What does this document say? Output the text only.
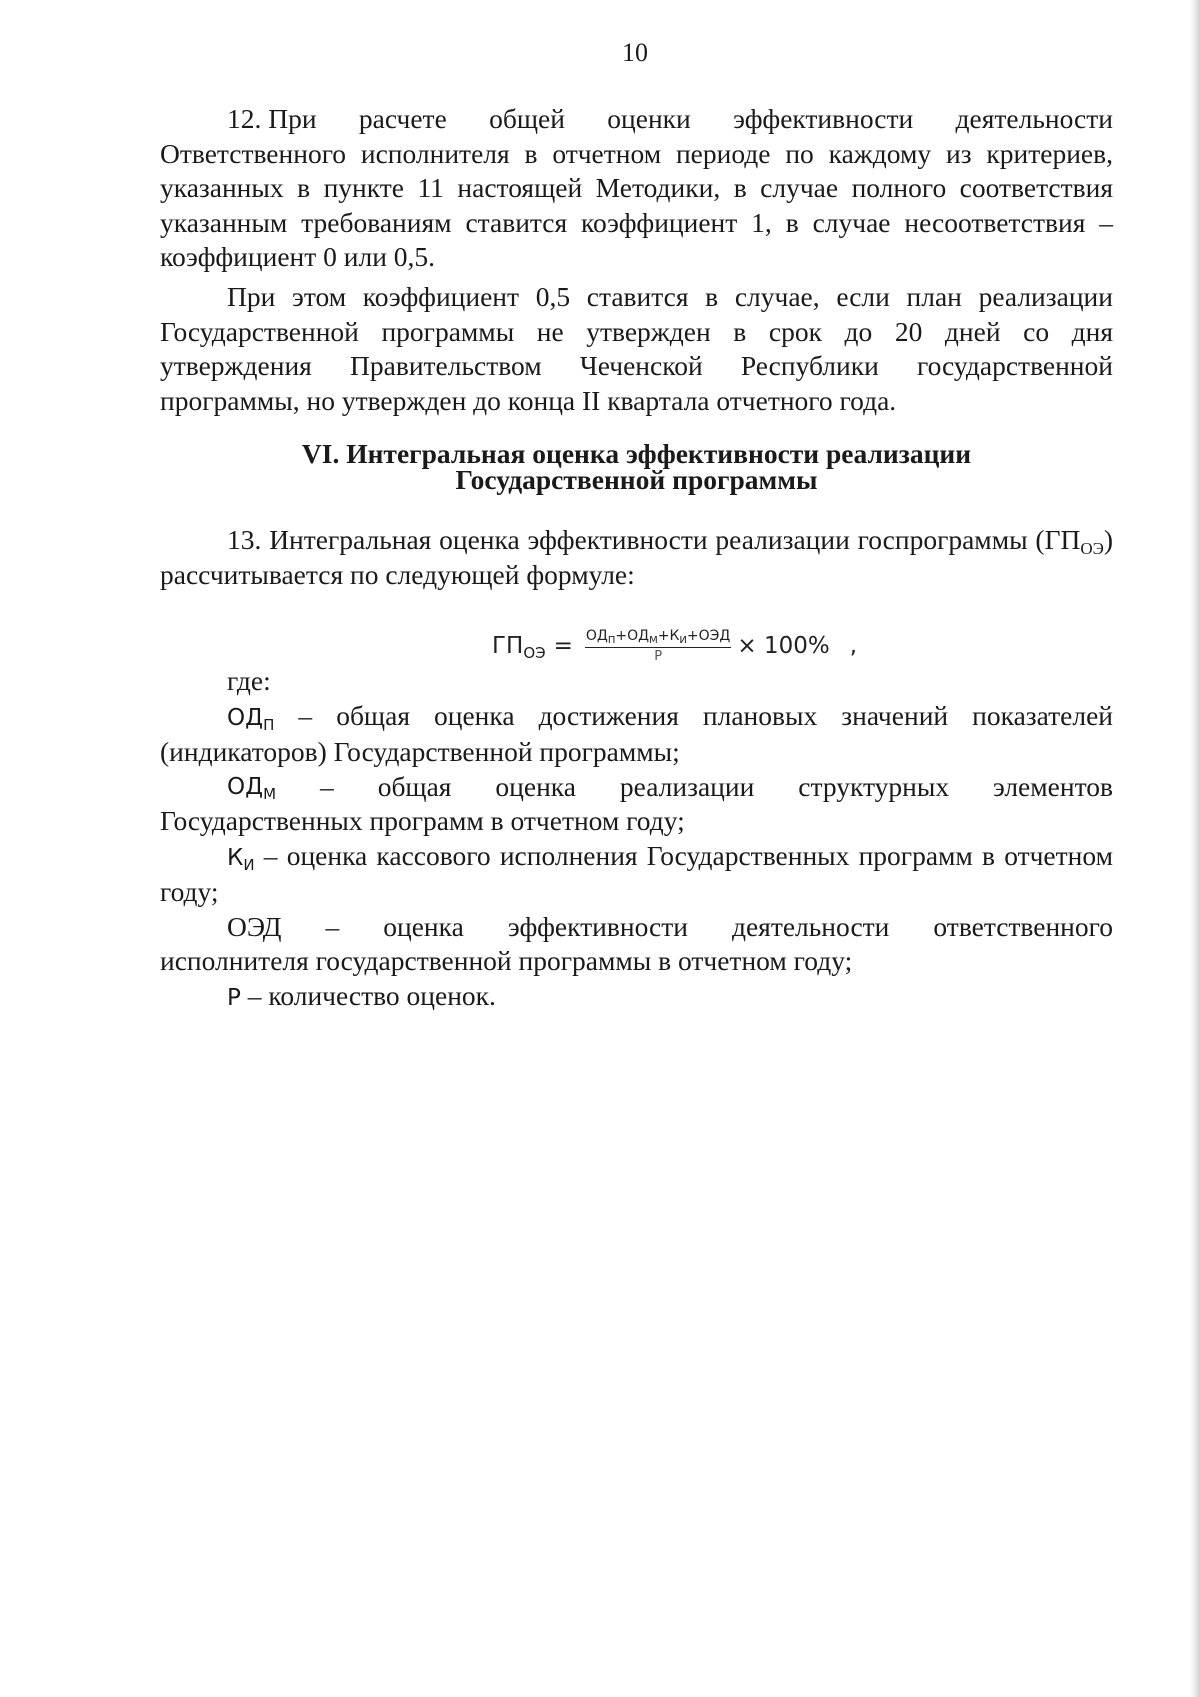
10
12. При расчете общей оценки эффективности деятельности

Ответственного исполнителя в отчетном периоде по каждому из критериев, указанных в пункте 11 настоящей Методики, в случае полного соответствия указанным требованиям ставится коэффициент 1, в случае несоответствия – коэффициент 0 или 0,5.

При этом коэффициент 0,5 ставится в случае, если план реализации Государственной программы не утвержден в срок до 20 дней со дня утверждения Правительством Чеченской Республики государственной программы, но утвержден до конца II квартала отчетного года.

VI. Интегральная оценка эффективности реализации
Государственной программы

13. Интегральная оценка эффективности реализации госпрограммы $(ГП_{ОЭ})$ рассчитывается по следующей формуле:

$ГП_{ОЭ} = \frac{ОД_П+ОД_М+К_И+ОЭД}{P} \times 100\%$ ,

где:

$ОД_П$ – общая оценка достижения плановых значений показателей (индикаторов) Государственной программы;

$ОД_М$ – общая оценка реализации структурных элементов

Государственных программ в отчетном году;

$К_И$ – оценка кассового исполнения Государственных программ в отчетном году;

ОЭД – оценка эффективности деятельности ответственного

исполнителя государственной программы в отчетном году;

P – количество оценок.
